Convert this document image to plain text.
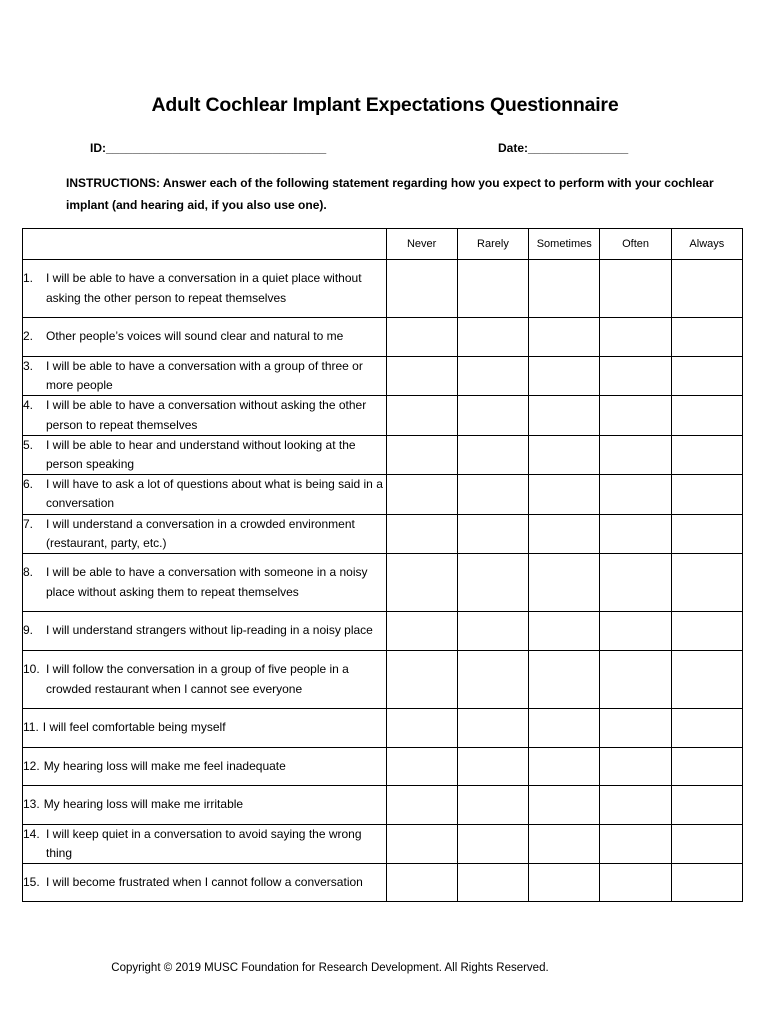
Adult Cochlear Implant Expectations Questionnaire
ID:_________________________________	Date:_______________
INSTRUCTIONS: Answer each of the following statement regarding how you expect to perform with your cochlear implant (and hearing aid, if you also use one).
	Never	Rarely	Sometimes	Often	Always

1. I will be able to have a conversation in a quiet place without asking the other person to repeat themselves					

2. Other people’s voices will sound clear and natural to me					

3. I will be able to have a conversation with a group of three or more people					

4. I will be able to have a conversation without asking the other person to repeat themselves					

5. I will be able to hear and understand without looking at the person speaking					

6. I will have to ask a lot of questions about what is being said in a conversation					

7. I will understand a conversation in a crowded environment (restaurant, party, etc.)					

8. I will be able to have a conversation with someone in a noisy place without asking them to repeat themselves					

9. I will understand strangers without lip-reading in a noisy place					

10. I will follow the conversation in a group of five people in a crowded restaurant when I cannot see everyone					

11. I will feel comfortable being myself					

12. My hearing loss will make me feel inadequate					

13. My hearing loss will make me irritable					

14. I will keep quiet in a conversation to avoid saying the wrong thing					

15. I will become frustrated when I cannot follow a conversation					

Copyright © 2019 MUSC Foundation for Research Development. All Rights Reserved.
